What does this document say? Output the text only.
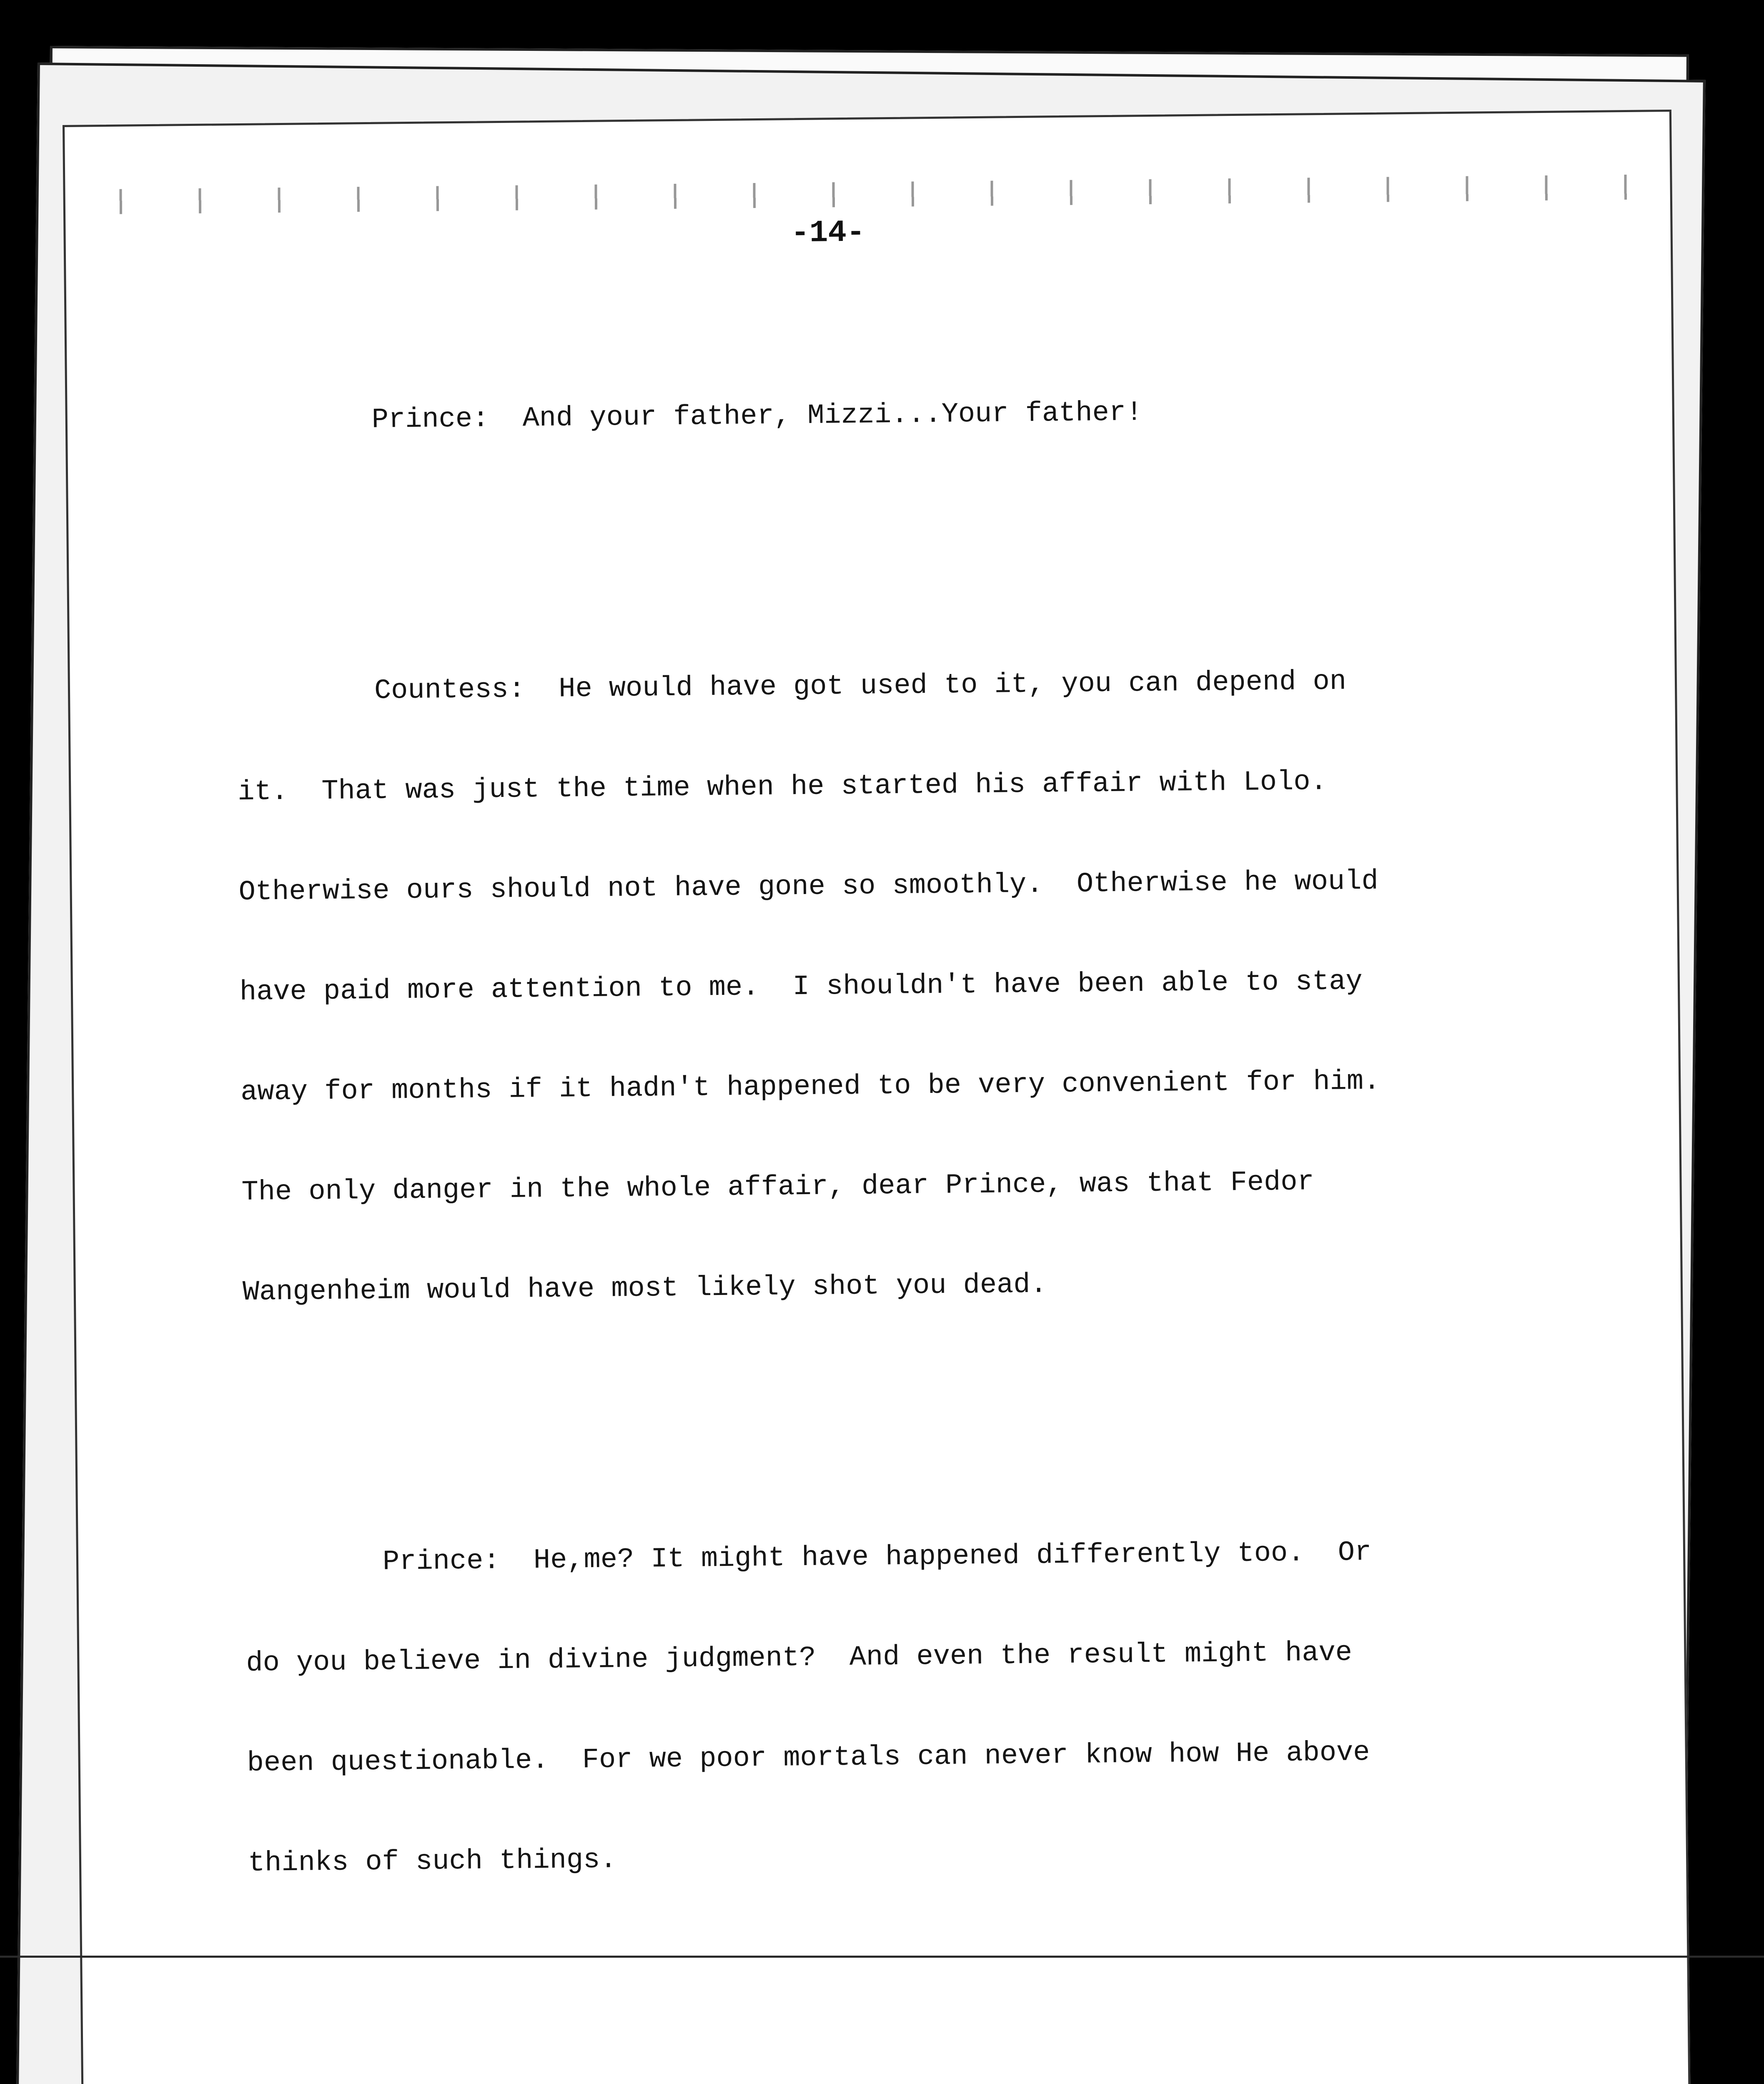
-14-

Prince:  And your father, Mizzi...Your father!

Countess:  He would have got used to it, you can depend on

it.  That was just the time when he started his affair with Lolo.

Otherwise ours should not have gone so smoothly.  Otherwise he would

have paid more attention to me.  I shouldn't have been able to stay

away for months if it hadn't happened to be very convenient for him.

The only danger in the whole affair, dear Prince, was that Fedor

Wangenheim would have most likely shot you dead.

Prince:  He,me? It might have happened differently too.  Or

do you believe in divine judgment?  And even the result might have

been questionable.  For we poor mortals can never know how He above

thinks of such things.
